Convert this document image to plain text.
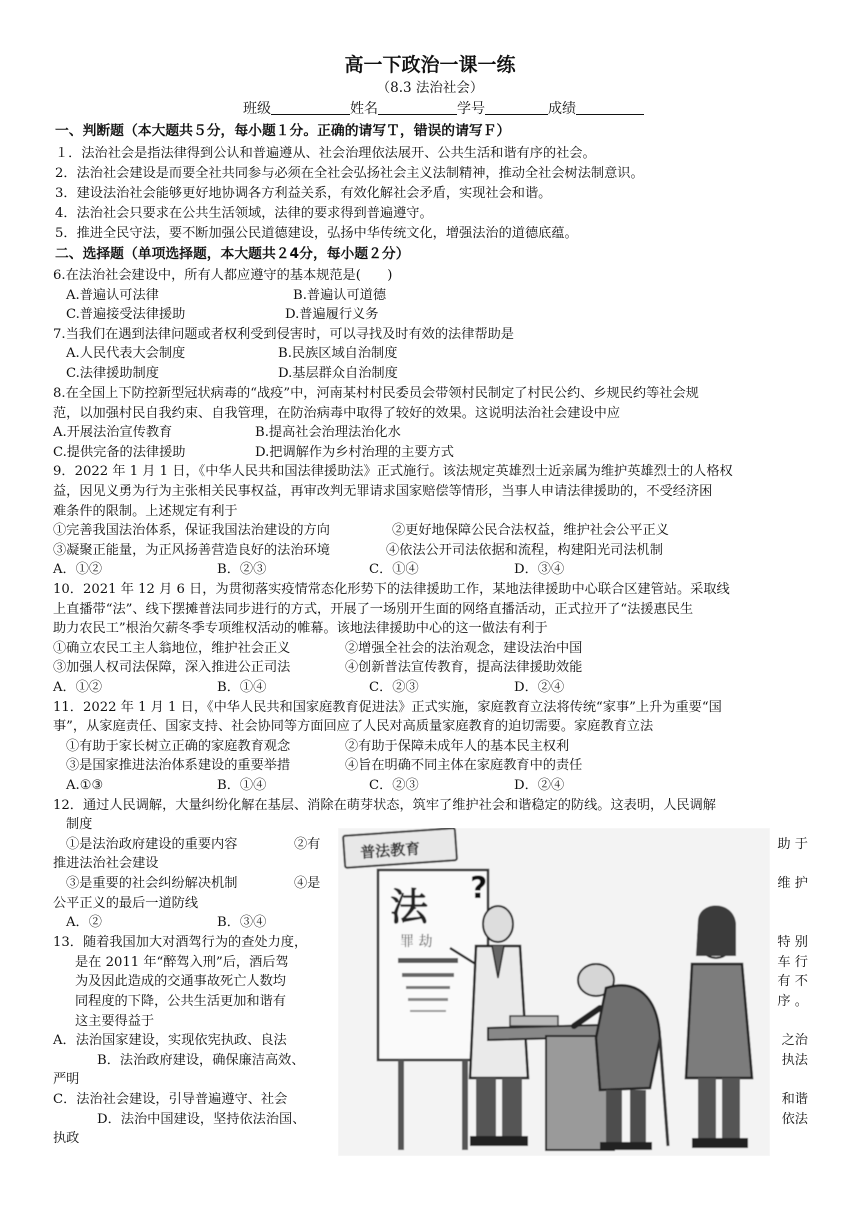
高一下政治一课一练
（8.3 法治社会）
班级	姓名	学号	成绩
一、判断题（本大题共５分，每小题１分。正确的请写Ｔ，错误的请写Ｆ）
１．法治社会是指法律得到公认和普遍遵从、社会治理依法展开、公共生活和谐有序的社会。
2．法治社会建设是而要全社共同参与必须在全社会弘扬社会主义法制精神，推动全社会树法制意识。
3．建设法治社会能够更好地协调各方利益关系，有效化解社会矛盾，实现社会和谐。
4．法治社会只要求在公共生活领域，法律的要求得到普遍遵守。
5．推进全民守法，要不断加强公民道德建设，弘扬中华传统文化，增强法治的道德底蕴。
二、选择题（单项选择题，本大题共２4分，每小题２分）
6.在法治社会建设中，所有人都应遵守的基本规范是(　　)
A.普遍认可法律	B.普遍认可道德
C.普遍接受法律援助	D.普遍履行义务
7.当我们在遇到法律问题或者权利受到侵害时，可以寻找及时有效的法律帮助是
A.人民代表大会制度	B.民族区域自治制度
C.法律援助制度	D.基层群众自治制度
8.在全国上下防控新型冠状病毒的“战疫”中，河南某村村民委员会带领村民制定了村民公约、乡规民约等社会规
范，以加强村民自我约束、自我管理，在防治病毒中取得了较好的效果。这说明法治社会建设中应
A.开展法治宣传教育	B.提高社会治理法治化水
C.提供完备的法律援助	D.把调解作为乡村治理的主要方式
9．2022 年 1 月 1 日，《中华人民共和国法律援助法》正式施行。该法规定英雄烈士近亲属为维护英雄烈士的人格权
益，因见义勇为行为主张相关民事权益，再审改判无罪请求国家赔偿等情形，当事人申请法律援助的，不受经济困
难条件的限制。上述规定有利于
①完善我国法治体系，保证我国法治建设的方向	②更好地保障公民合法权益，维护社会公平正义
③凝聚正能量，为正风扬善营造良好的法治环境	④依法公开司法依据和流程，构建阳光司法机制
A．①②	B．②③	C．①④	D．③④
10．2021 年 12 月 6 日，为贯彻落实疫情常态化形势下的法律援助工作，某地法律援助中心联合区建管站。采取线
上直播带“法”、线下摆摊普法同步进行的方式，开展了一场別开生面的网络直播活动，正式拉开了“法援惠民生
助力农民工”根治欠薪冬季专项维权活动的帷幕。该地法律援助中心的这一做法有利于
①确立农民工主人翁地位，维护社会正义	②增强全社会的法治观念，建设法治中国
③加强人权司法保障，深入推进公正司法	④创新普法宣传教育，提高法律援助效能
A．①②	B．①④	C．②③	D．②④
11．2022 年 1 月 1 日，《中华人民共和国家庭教育促进法》正式实施，家庭教育立法将传统“家事”上升为重要“国
事”，从家庭责任、国家支持、社会协同等方面回应了人民对高质量家庭教育的迫切需要。家庭教育立法
①有助于家长树立正确的家庭教育观念	②有助于保障未成年人的基本民主权利
③是国家推进法治体系建设的重要举措	④旨在明确不同主体在家庭教育中的责任
A.①③	B．①④	C．②③	D．②④
12．通过人民调解，大量纠纷化解在基层、消除在萌芽状态，筑牢了维护社会和谐稳定的防线。这表明，人民调解
制度
①是法治政府建设的重要内容	②有	助 于
推进法治社会建设
③是重要的社会纠纷解决机制	④是	维 护
公平正义的最后一道防线
A．②	B．③④
13．随着我国加大对酒驾行为的查处力度，	特 别
是在 2011 年“醉驾入刑”后，酒后驾	车 行
为及因此造成的交通事故死亡人数均	有 不
同程度的下降，公共生活更加和谐有	序 。
这主要得益于
A．法治国家建设，实现依宪执政、良法	之治
B．法治政府建设，确保廉洁高效、	执法
严明
C．法治社会建设，引导普遍遵守、社会	和谐
D．法治中国建设，坚持依法治国、	依法
执政
普法教育
法
罪 劫
?
